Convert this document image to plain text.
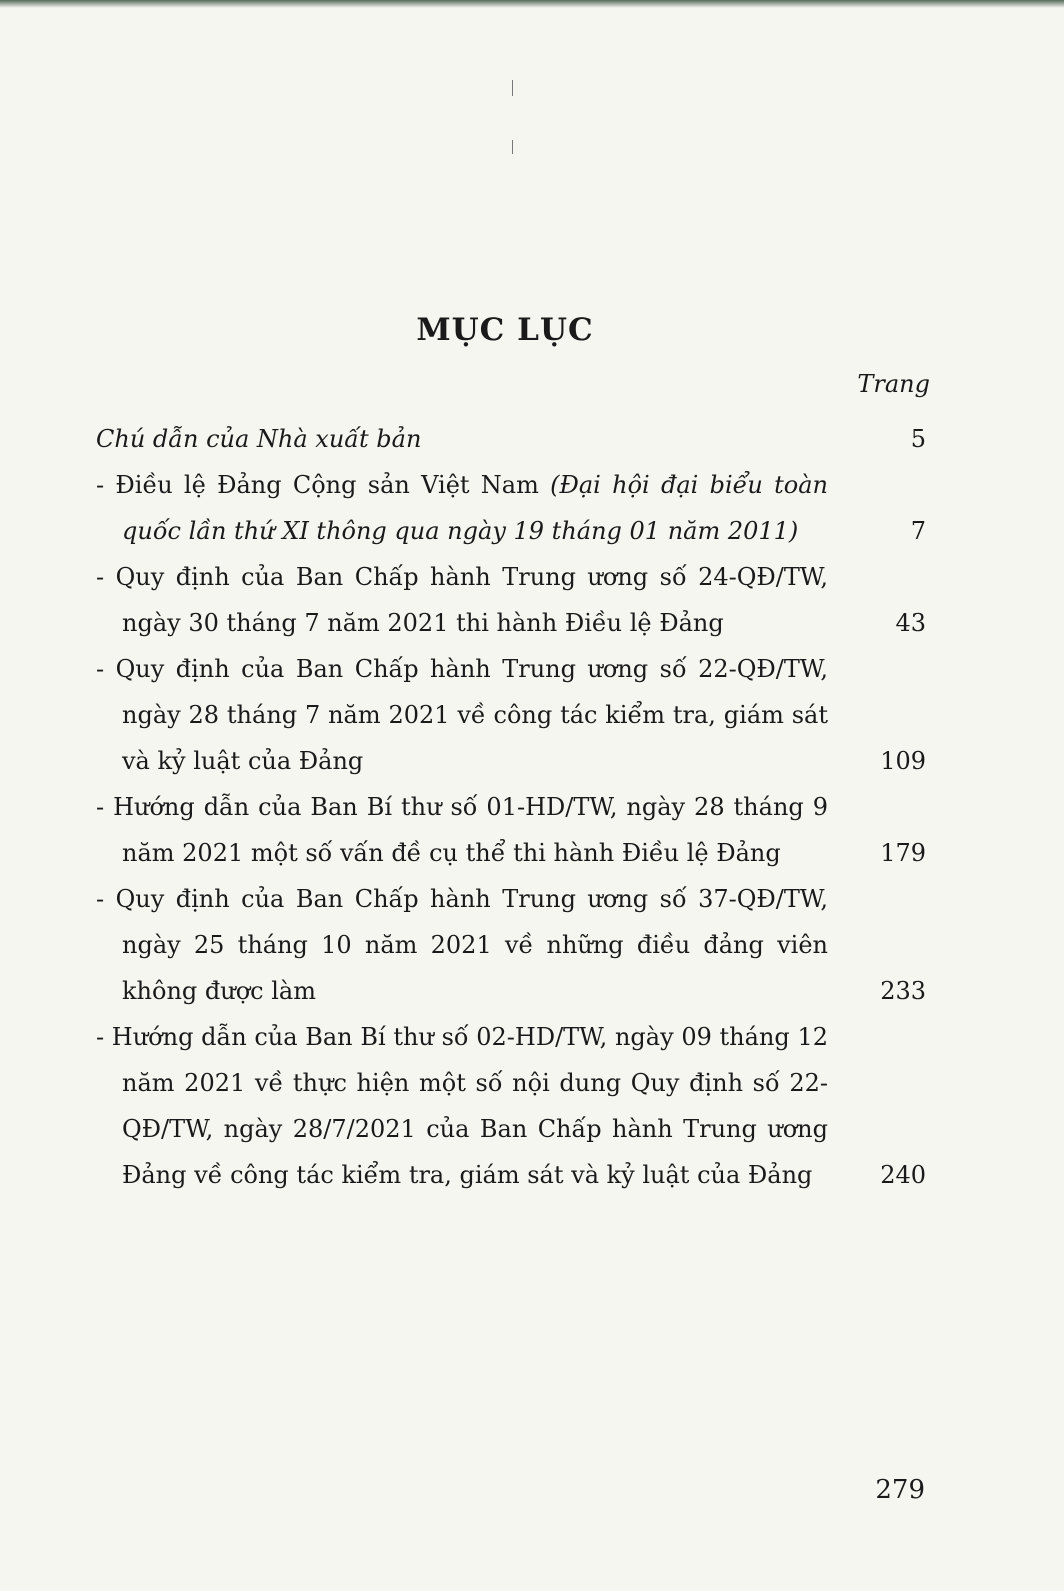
MỤC LỤC
Trang
Chú dẫn của Nhà xuất bản	5
- Điều lệ Đảng Cộng sản Việt Nam (Đại hội đại biểu toàn quốc lần thứ XI thông qua ngày 19 tháng 01 năm 2011)	7
- Quy định của Ban Chấp hành Trung ương số 24-QĐ/TW, ngày 30 tháng 7 năm 2021 thi hành Điều lệ Đảng	43
- Quy định của Ban Chấp hành Trung ương số 22-QĐ/TW, ngày 28 tháng 7 năm 2021 về công tác kiểm tra, giám sát và kỷ luật của Đảng	109
- Hướng dẫn của Ban Bí thư số 01-HD/TW, ngày 28 tháng 9 năm 2021 một số vấn đề cụ thể thi hành Điều lệ Đảng	179
- Quy định của Ban Chấp hành Trung ương số 37-QĐ/TW, ngày 25 tháng 10 năm 2021 về những điều đảng viên không được làm	233
- Hướng dẫn của Ban Bí thư số 02-HD/TW, ngày 09 tháng 12 năm 2021 về thực hiện một số nội dung Quy định số 22-QĐ/TW, ngày 28/7/2021 của Ban Chấp hành Trung ương Đảng về công tác kiểm tra, giám sát và kỷ luật của Đảng	240
279
